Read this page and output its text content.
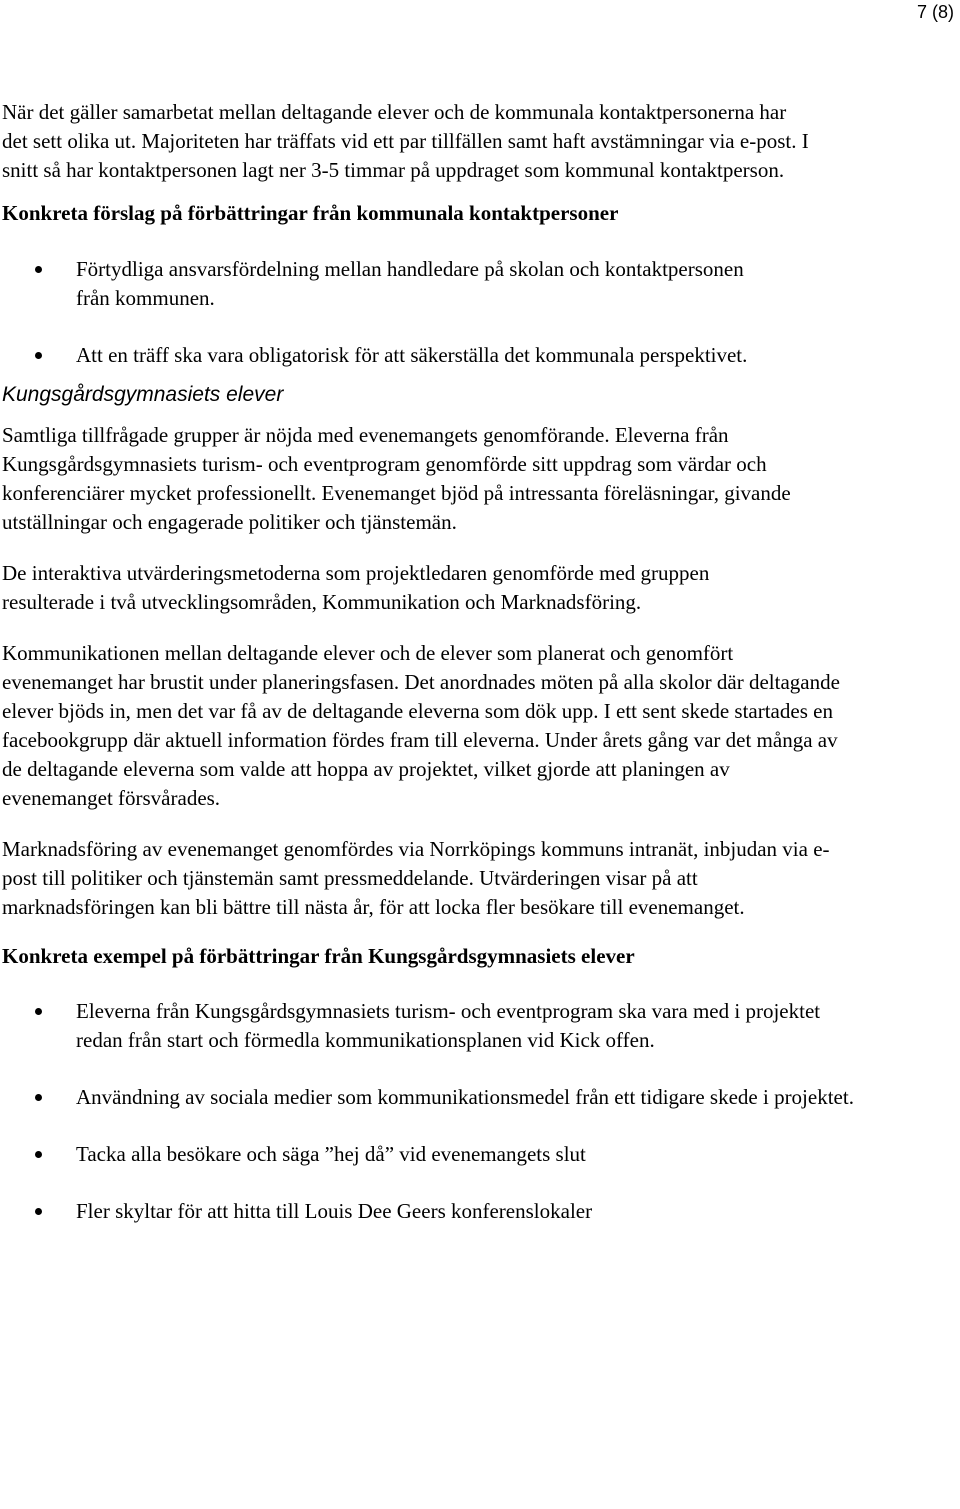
7 (8)

När det gäller samarbetat mellan deltagande elever och de kommunala kontaktpersonerna har det sett olika ut. Majoriteten har träffats vid ett par tillfällen samt haft avstämningar via e-post. I snitt så har kontaktpersonen lagt ner 3-5 timmar på uppdraget som kommunal kontaktperson.

Konkreta förslag på förbättringar från kommunala kontaktpersoner

Förtydliga ansvarsfördelning mellan handledare på skolan och kontaktpersonen från kommunen.
Att en träff ska vara obligatorisk för att säkerställa det kommunala perspektivet.

Kungsgårdsgymnasiets elever

Samtliga tillfrågade grupper är nöjda med evenemangets genomförande. Eleverna från Kungsgårdsgymnasiets turism- och eventprogram genomförde sitt uppdrag som värdar och konferenciärer mycket professionellt. Evenemanget bjöd på intressanta föreläsningar, givande utställningar och engagerade politiker och tjänstemän.

De interaktiva utvärderingsmetoderna som projektledaren genomförde med gruppen resulterade i två utvecklingsområden, Kommunikation och Marknadsföring.

Kommunikationen mellan deltagande elever och de elever som planerat och genomfört evenemanget har brustit under planeringsfasen. Det anordnades möten på alla skolor där deltagande elever bjöds in, men det var få av de deltagande eleverna som dök upp. I ett sent skede startades en facebookgrupp där aktuell information fördes fram till eleverna. Under årets gång var det många av de deltagande eleverna som valde att hoppa av projektet, vilket gjorde att planingen av evenemanget försvårades.

Marknadsföring av evenemanget genomfördes via Norrköpings kommuns intranät, inbjudan via e-post till politiker och tjänstemän samt pressmeddelande. Utvärderingen visar på att marknadsföringen kan bli bättre till nästa år, för att locka fler besökare till evenemanget.

Konkreta exempel på förbättringar från Kungsgårdsgymnasiets elever

Eleverna från Kungsgårdsgymnasiets turism- och eventprogram ska vara med i projektet redan från start och förmedla kommunikationsplanen vid Kick offen.
Användning av sociala medier som kommunikationsmedel från ett tidigare skede i projektet.
Tacka alla besökare och säga ”hej då” vid evenemangets slut
Fler skyltar för att hitta till Louis Dee Geers konferenslokaler
